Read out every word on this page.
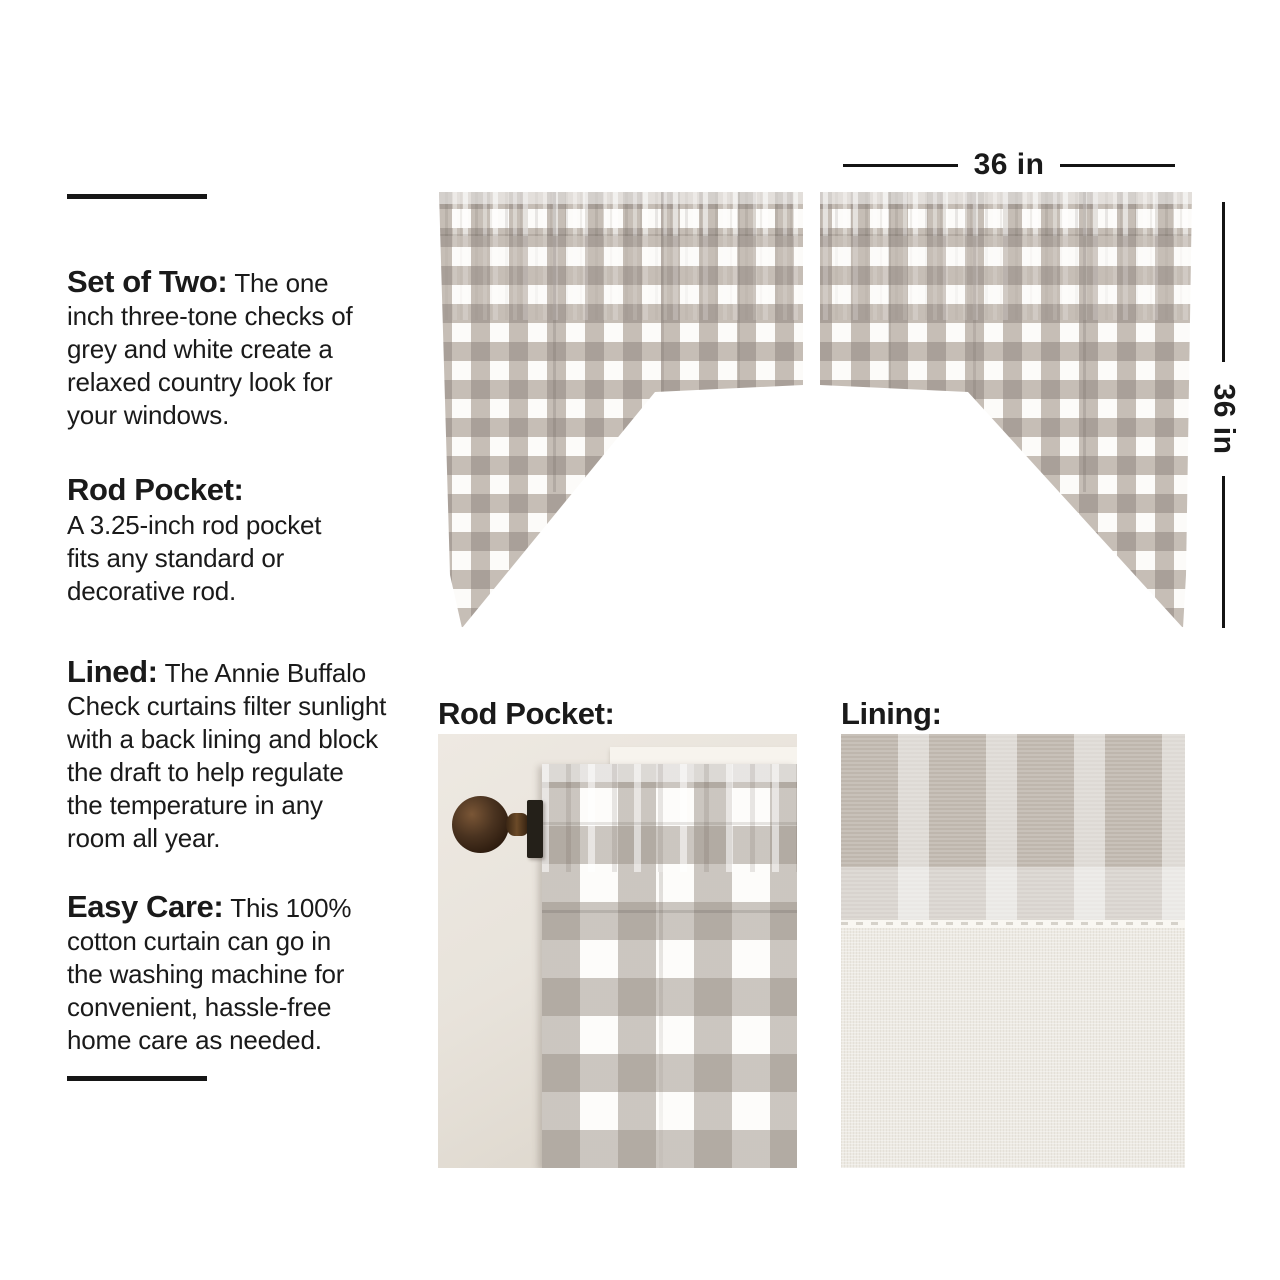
Set of Two: The one
inch three-tone checks of
grey and white create a
relaxed country look for
your windows.

Rod Pocket:
A 3.25-inch rod pocket
fits any standard or
decorative rod.

Lined: The Annie Buffalo
Check curtains filter sunlight
with a back lining and block
the draft to help regulate
the temperature in any
room all year.

Easy Care: This 100%
cotton curtain can go in
the washing machine for
convenient, hassle-free
home care as needed.

36 in
36 in
Rod Pocket:	Lining:
